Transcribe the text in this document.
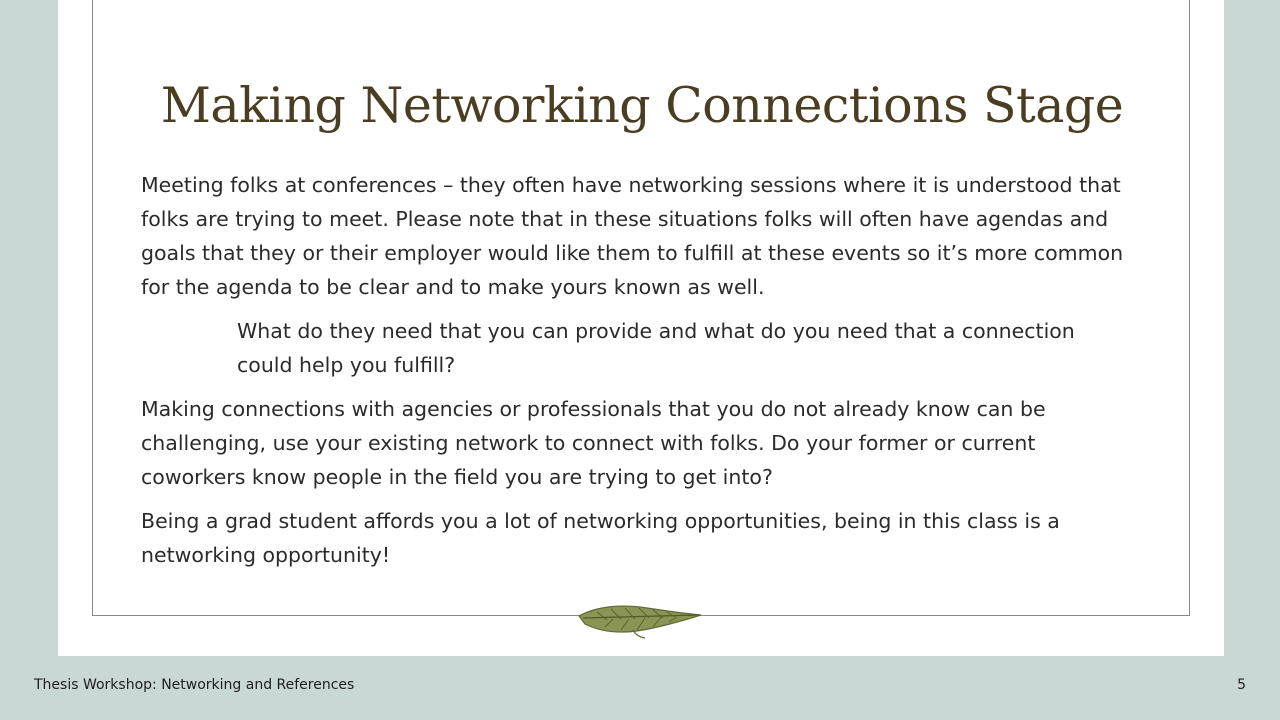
Making Networking Connections Stage

Meeting folks at conferences – they often have networking sessions where it is understood that folks are trying to meet. Please note that in these situations folks will often have agendas and goals that they or their employer would like them to fulfill at these events so it’s more common for the agenda to be clear and to make yours known as well.

What do they need that you can provide and what do you need that a connection could help you fulfill?

Making connections with agencies or professionals that you do not already know can be challenging, use your existing network to connect with folks. Do your former or current coworkers know people in the field you are trying to get into?

Being a grad student affords you a lot of networking opportunities, being in this class is a networking opportunity!

Thesis Workshop: Networking and References	5
